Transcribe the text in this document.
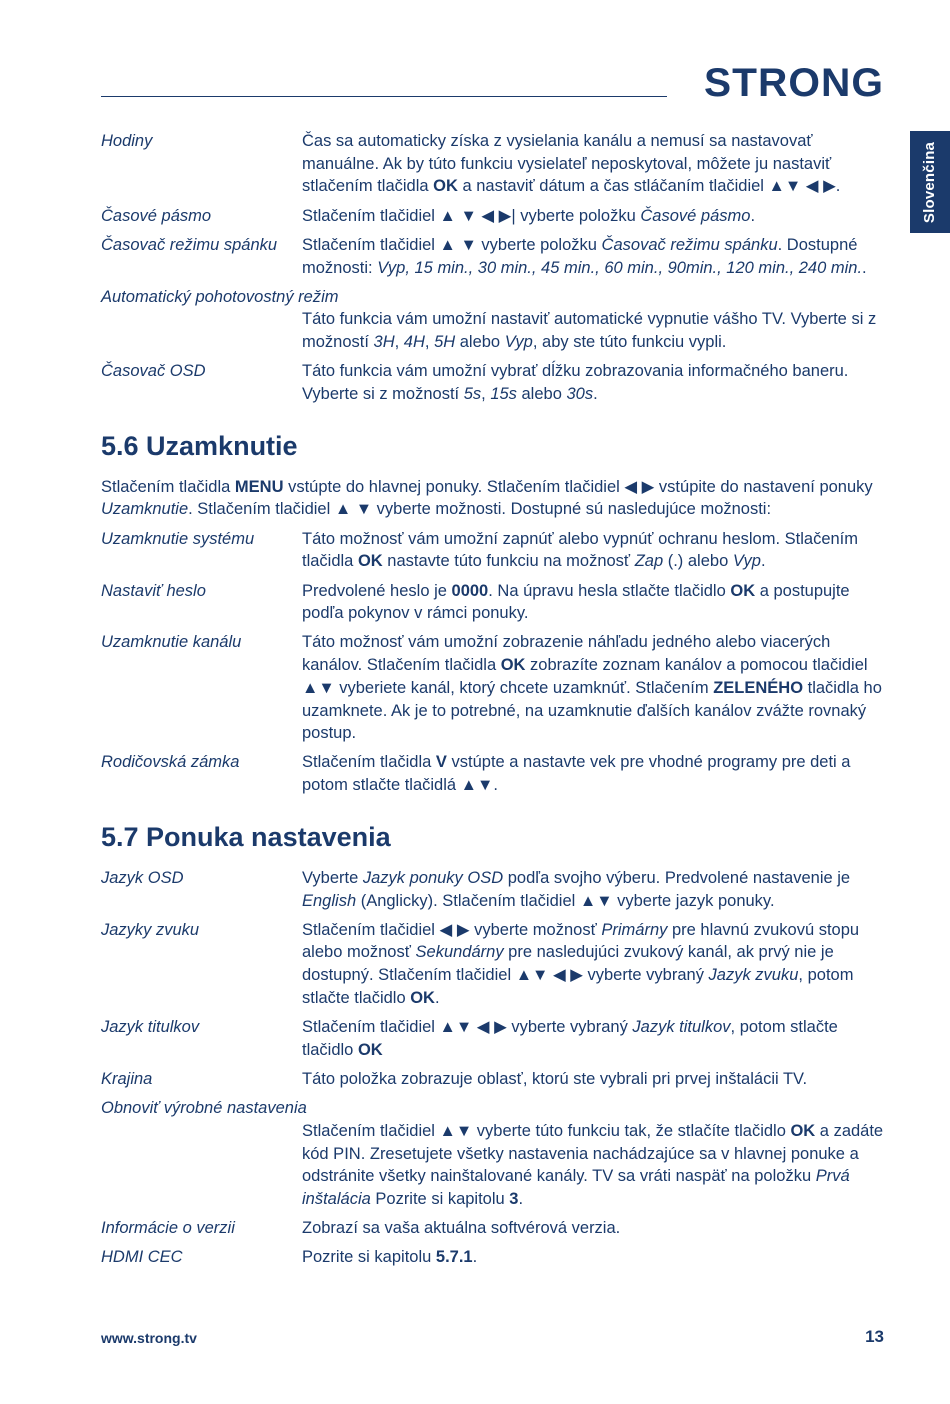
STRONG
Slovenčina
Hodiny	Čas sa automaticky získa z vysielania kanálu a nemusí sa nastavovať manuálne. Ak by túto funkciu vysielateľ neposkytoval, môžete ju nastaviť stlačením tlačidla OK a nastaviť dátum a čas stláčaním tlačidiel ▲▼ ◀ ▶.
Časové pásmo	Stlačením tlačidiel ▲ ▼ ◀ ▶| vyberte položku Časové pásmo.
Časovač režimu spánku	Stlačením tlačidiel ▲ ▼ vyberte položku Časovač režimu spánku. Dostupné možnosti: Vyp, 15 min., 30 min., 45 min., 60 min., 90min., 120 min., 240 min..
Automatický pohotovostný režim
Táto funkcia vám umožní nastaviť automatické vypnutie vášho TV. Vyberte si z možností 3H, 4H, 5H alebo Vyp, aby ste túto funkciu vypli.
Časovač OSD	Táto funkcia vám umožní vybrať dĺžku zobrazovania informačného baneru. Vyberte si z možností 5s, 15s alebo 30s.
5.6 Uzamknutie
Stlačením tlačidla MENU vstúpte do hlavnej ponuky. Stlačením tlačidiel ◀ ▶ vstúpite do nastavení ponuky Uzamknutie. Stlačením tlačidiel ▲ ▼ vyberte možnosti. Dostupné sú nasledujúce možnosti:
Uzamknutie systému	Táto možnosť vám umožní zapnúť alebo vypnúť ochranu heslom. Stlačením tlačidla OK nastavte túto funkciu na možnosť Zap (.) alebo Vyp.
Nastaviť heslo	Predvolené heslo je 0000. Na úpravu hesla stlačte tlačidlo OK a postupujte podľa pokynov v rámci ponuky.
Uzamknutie kanálu	Táto možnosť vám umožní zobrazenie náhľadu jedného alebo viacerých kanálov. Stlačením tlačidla OK zobrazíte zoznam kanálov a pomocou tlačidiel ▲▼ vyberiete kanál, ktorý chcete uzamknúť. Stlačením ZELENÉHO tlačidla ho uzamknete. Ak je to potrebné, na uzamknutie ďalších kanálov zvážte rovnaký postup.
Rodičovská zámka	Stlačením tlačidla V vstúpte a nastavte vek pre vhodné programy pre deti a potom stlačte tlačidlá ▲▼.
5.7 Ponuka nastavenia
Jazyk OSD	Vyberte Jazyk ponuky OSD podľa svojho výberu. Predvolené nastavenie je English (Anglicky). Stlačením tlačidiel ▲▼ vyberte jazyk ponuky.
Jazyky zvuku	Stlačením tlačidiel ◀ ▶ vyberte možnosť Primárny pre hlavnú zvukovú stopu alebo možnosť Sekundárny pre nasledujúci zvukový kanál, ak prvý nie je dostupný. Stlačením tlačidiel ▲▼ ◀ ▶ vyberte vybraný Jazyk zvuku, potom stlačte tlačidlo OK.
Jazyk titulkov	Stlačením tlačidiel ▲▼ ◀ ▶ vyberte vybraný Jazyk titulkov, potom stlačte tlačidlo OK
Krajina	Táto položka zobrazuje oblasť, ktorú ste vybrali pri prvej inštalácii TV.
Obnoviť výrobné nastavenia
Stlačením tlačidiel ▲▼ vyberte túto funkciu tak, že stlačíte tlačidlo OK a zadáte kód PIN. Zresetujete všetky nastavenia nachádzajúce sa v hlavnej ponuke a odstránite všetky nainštalované kanály. TV sa vráti naspäť na položku Prvá inštalácia Pozrite si kapitolu 3.
Informácie o verzii	Zobrazí sa vaša aktuálna softvérová verzia.
HDMI CEC	Pozrite si kapitolu 5.7.1.
www.strong.tv	13
